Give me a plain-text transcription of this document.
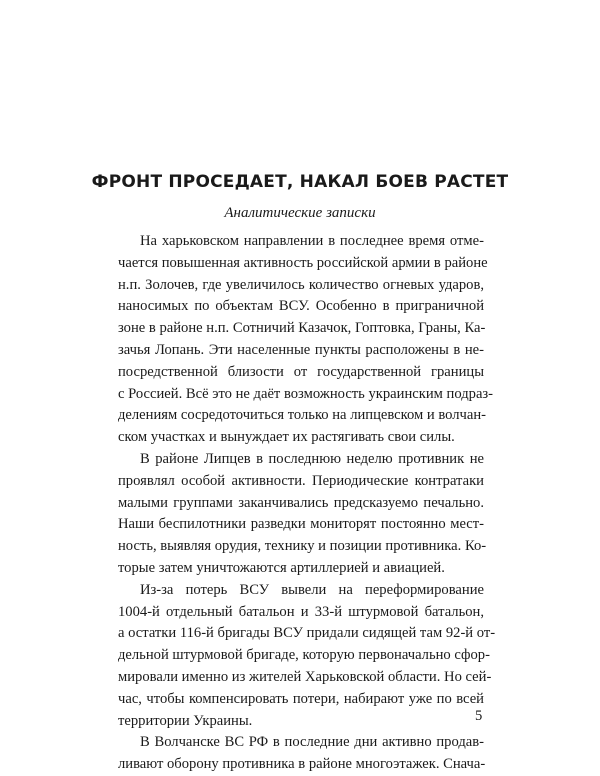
ФРОНТ ПРОСЕДАЕТ, НАКАЛ БОЕВ РАСТЕТ

Аналитические записки

На харьковском направлении в последнее время отме-
чается повышенная активность российской армии в районе
н.п. Золочев, где увеличилось количество огневых ударов,
наносимых по объектам ВСУ. Особенно в приграничной
зоне в районе н.п. Сотничий Казачок, Гоптовка, Грaны, Ка-
зачья Лопань. Эти населенные пункты расположены в не-
посредственной близости от государственной границы
с Россией. Всё это не даёт возможность украинским подраз-
делениям сосредоточиться только на липцевском и волчан-
ском участках и вынуждает их растягивать свои силы.

В районе Липцев в последнюю неделю противник не
проявлял особой активности. Периодические контратаки
малыми группами заканчивались предсказуемо печально.
Наши беспилотники разведки мониторят постоянно мест-
ность, выявляя орудия, технику и позиции противника. Ко-
торые затем уничтожаются артиллерией и авиацией.

Из-за потерь ВСУ вывели на переформирование
1004-й отдельный батальон и 33-й штурмовой батальон,
а остатки 116-й бригады ВСУ придали сидящей там 92-й от-
дельной штурмовой бригаде, которую первоначально сфор-
мировали именно из жителей Харьковской области. Но сей-
час, чтобы компенсировать потери, набирают уже по всей
территории Украины.

В Волчанске ВС РФ в последние дни активно продав-
ливают оборону противника в районе многоэтажек. Снача-

5
